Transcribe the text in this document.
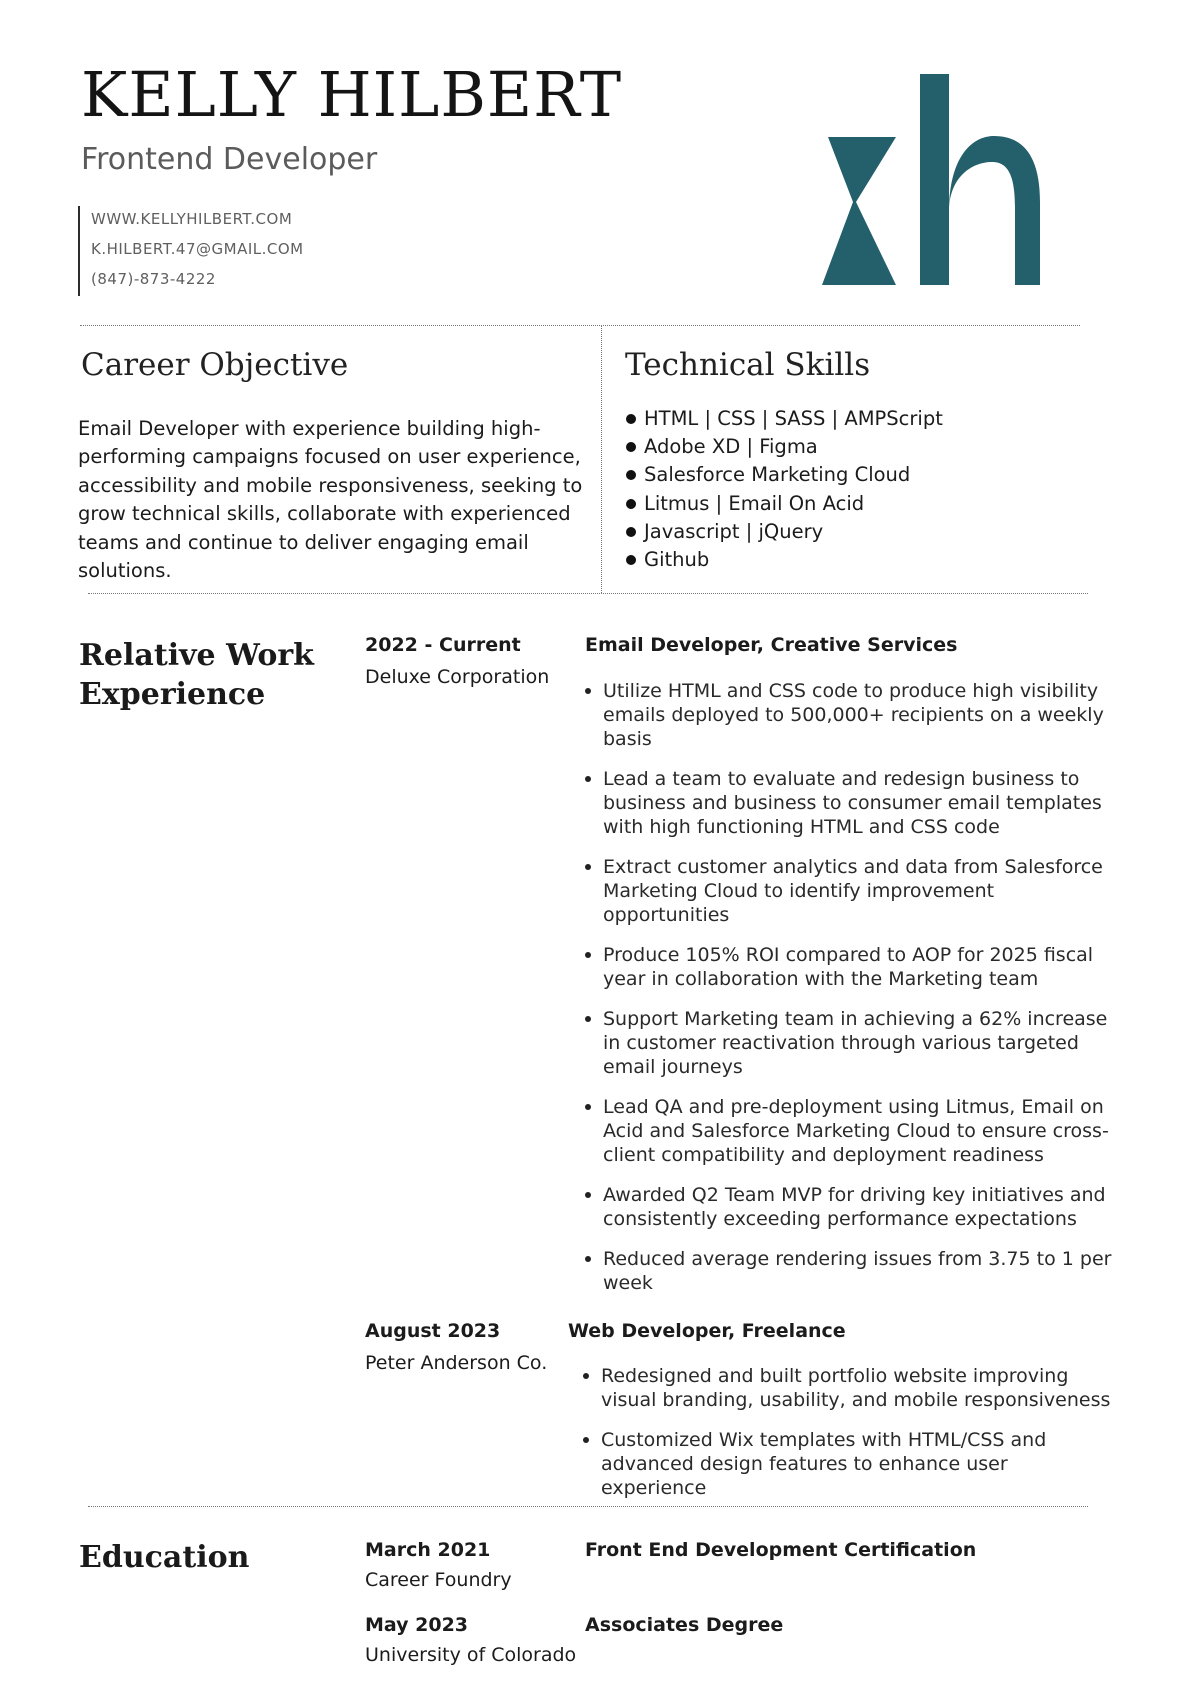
KELLY HILBERT
Frontend Developer
WWW.KELLYHILBERT.COM
K.HILBERT.47@GMAIL.COM
(847)-873-4222
Career Objective
Email Developer with experience building high-performing campaigns focused on user experience, accessibility and mobile responsiveness, seeking to grow technical skills, collaborate with experienced teams and continue to deliver engaging email solutions.
Technical Skills
HTML | CSS | SASS | AMPScript
Adobe XD | Figma
Salesforce Marketing Cloud
Litmus | Email On Acid
Javascript | jQuery
Github
Relative Work Experience
2022 - Current
Deluxe Corporation
Email Developer, Creative Services
Utilize HTML and CSS code to produce high visibility emails deployed to 500,000+ recipients on a weekly basis
Lead a team to evaluate and redesign business to business and business to consumer email templates with high functioning HTML and CSS code
Extract customer analytics and data from Salesforce Marketing Cloud to identify improvement opportunities
Produce 105% ROI compared to AOP for 2025 fiscal year in collaboration with the Marketing team
Support Marketing team in achieving a 62% increase in customer reactivation through various targeted email journeys
Lead QA and pre-deployment using Litmus, Email on Acid and Salesforce Marketing Cloud to ensure cross-client compatibility and deployment readiness
Awarded Q2 Team MVP for driving key initiatives and consistently exceeding performance expectations
Reduced average rendering issues from 3.75 to 1 per week
August 2023
Peter Anderson Co.
Web Developer, Freelance
Redesigned and built portfolio website improving visual branding, usability, and mobile responsiveness
Customized Wix templates with HTML/CSS and advanced design features to enhance user experience
Education	March 2021
Career Foundry
Front End Development Certification
May 2023
University of Colorado
Associates Degree
